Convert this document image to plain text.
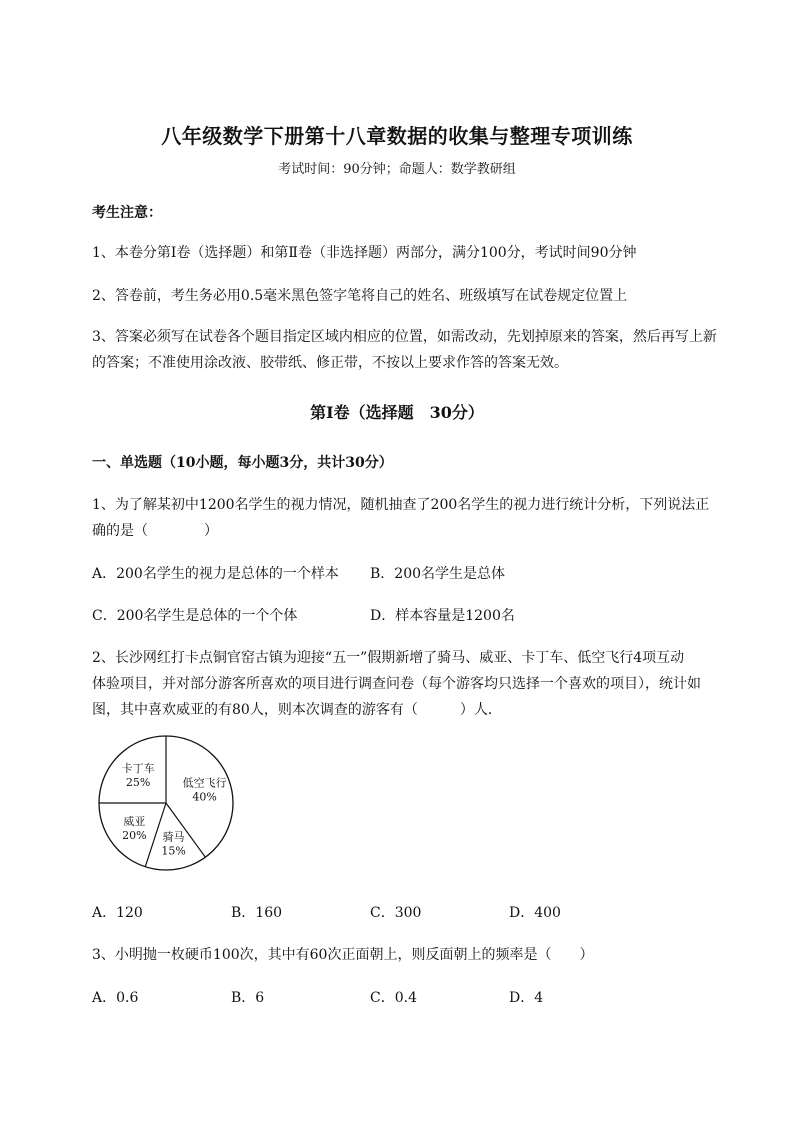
八年级数学下册第十八章数据的收集与整理专项训练
考试时间：90分钟；命题人：数学教研组
考生注意：
1、本卷分第I卷（选择题）和第Ⅱ卷（非选择题）两部分，满分100分，考试时间90分钟
2、答卷前，考生务必用0.5毫米黑色签字笔将自己的姓名、班级填写在试卷规定位置上
3、答案必须写在试卷各个题目指定区域内相应的位置，如需改动，先划掉原来的答案，然后再写上新
的答案；不准使用涂改液、胶带纸、修正带，不按以上要求作答的答案无效。
第I卷（选择题　30分）
一、单选题（10小题，每小题3分，共计30分）
1、为了解某初中1200名学生的视力情况，随机抽查了200名学生的视力进行统计分析，下列说法正
确的是（　　　　）
A．200名学生的视力是总体的一个样本 B．200名学生是总体
C．200名学生是总体的一个个体	D．样本容量是1200名
2、长沙网红打卡点铜官窑古镇为迎接“五一”假期新增了骑马、威亚、卡丁车、低空飞行4项互动
体验项目，并对部分游客所喜欢的项目进行调查问卷（每个游客均只选择一个喜欢的项目），统计如
图，其中喜欢威亚的有80人，则本次调查的游客有（　　　）人．
卡丁车
25%	低空飞行
40%
骑马
15%
威亚
20%
A．120	B．160	C．300	D．400
3、小明抛一枚硬币100次，其中有60次正面朝上，则反面朝上的频率是（　　）
A．0.6	B．6	C．0.4	D．4
